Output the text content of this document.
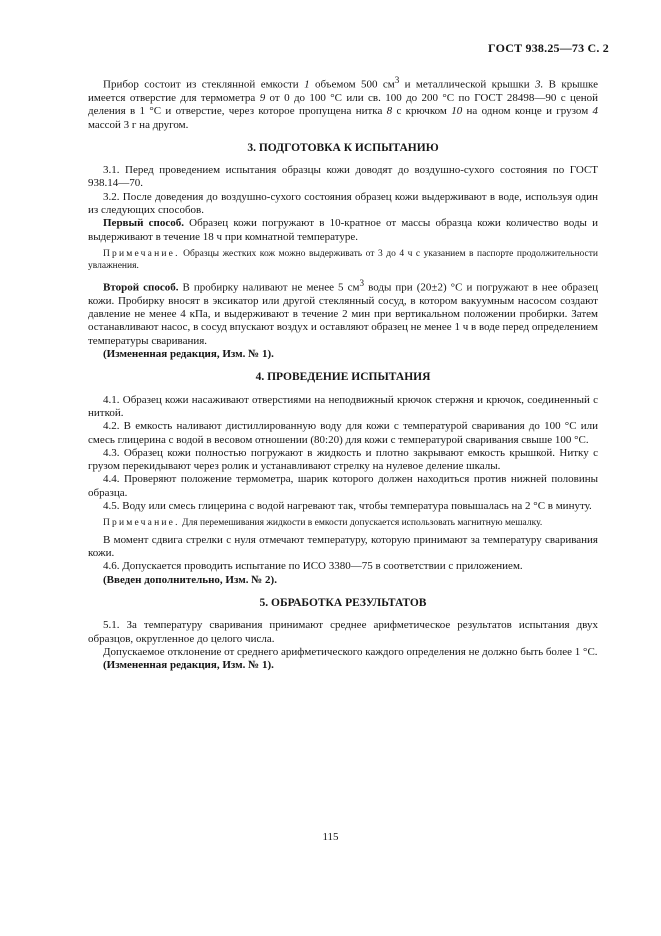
ГОСТ 938.25—73 С. 2

Прибор состоит из стеклянной емкости 1 объемом 500 $см^3$ и металлической крышки 3. В крышке имеется отверстие для термометра 9 от 0 до 100 °С или св. 100 до 200 °С по ГОСТ 28498—90 с ценой деления в 1 °С и отверстие, через которое пропущена нитка 8 с крючком 10 на одном конце и грузом 4 массой 3 г на другом.

3. ПОДГОТОВКА К ИСПЫТАНИЮ

3.1. Перед проведением испытания образцы кожи доводят до воздушно-сухого состояния по ГОСТ 938.14—70.

3.2. После доведения до воздушно-сухого состояния образец кожи выдерживают в воде, используя один из следующих способов.

Первый способ. Образец кожи погружают в 10-кратное от массы образца кожи количество воды и выдерживают в течение 18 ч при комнатной температуре.

Примечание. Образцы жестких кож можно выдерживать от 3 до 4 ч с указанием в паспорте продолжительности увлажнения.

Второй способ. В пробирку наливают не менее 5 $см^3$ воды при (20±2) °С и погружают в нее образец кожи. Пробирку вносят в эксикатор или другой стеклянный сосуд, в котором вакуумным насосом создают давление не менее 4 кПа, и выдерживают в течение 2 мин при вертикальном положении пробирки. Затем останавливают насос, в сосуд впускают воздух и оставляют образец не менее 1 ч в воде перед определением температуры сваривания.

(Измененная редакция, Изм. № 1).

4. ПРОВЕДЕНИЕ ИСПЫТАНИЯ

4.1. Образец кожи насаживают отверстиями на неподвижный крючок стержня и крючок, соединенный с ниткой.

4.2. В емкость наливают дистиллированную воду для кожи с температурой сваривания до 100 °С или смесь глицерина с водой в весовом отношении (80:20) для кожи с температурой сваривания свыше 100 °С.

4.3. Образец кожи полностью погружают в жидкость и плотно закрывают емкость крышкой. Нитку с грузом перекидывают через ролик и устанавливают стрелку на нулевое деление шкалы.

4.4. Проверяют положение термометра, шарик которого должен находиться против нижней половины образца.

4.5. Воду или смесь глицерина с водой нагревают так, чтобы температура повышалась на 2 °С в минуту.

Примечание. Для перемешивания жидкости в емкости допускается использовать магнитную мешалку.

В момент сдвига стрелки с нуля отмечают температуру, которую принимают за температуру сваривания кожи.

4.6. Допускается проводить испытание по ИСО 3380—75 в соответствии с приложением.

(Введен дополнительно, Изм. № 2).

5. ОБРАБОТКА РЕЗУЛЬТАТОВ

5.1. За температуру сваривания принимают среднее арифметическое результатов испытания двух образцов, округленное до целого числа.

Допускаемое отклонение от среднего арифметического каждого определения не должно быть более 1 °С.

(Измененная редакция, Изм. № 1).

115
